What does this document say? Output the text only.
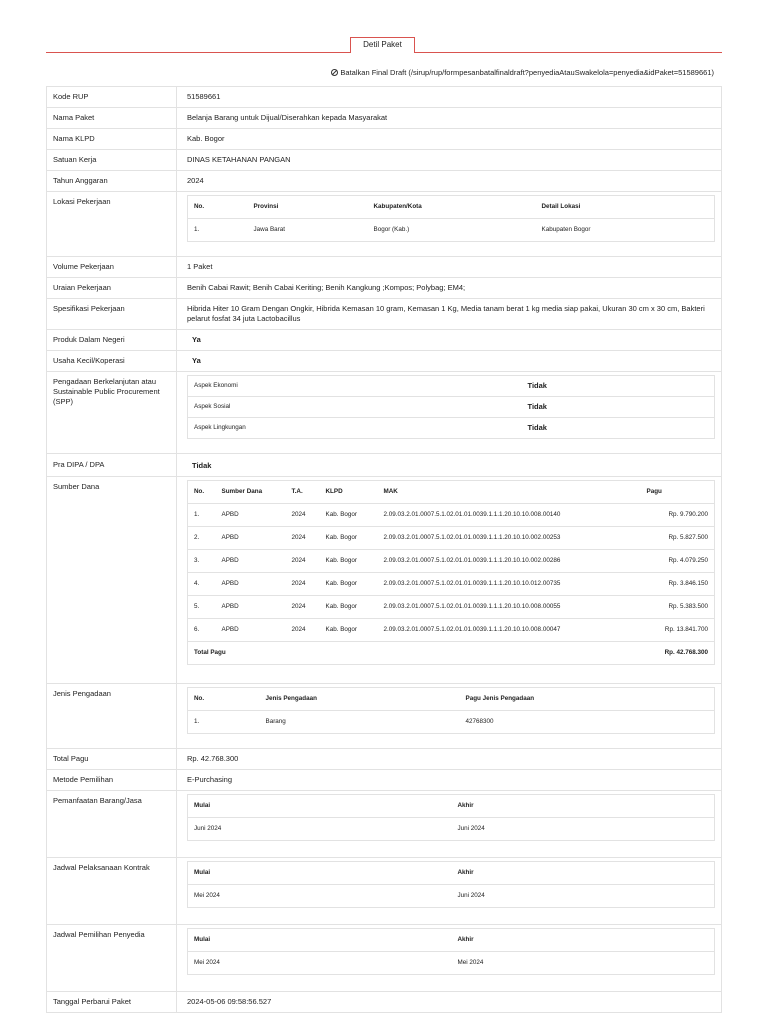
Detil Paket
Batalkan Final Draft (/sirup/rup/formpesanbatalfinaldraft?penyediaAtauSwakelola=penyedia&idPaket=51589661)
Kode RUP	51589661
Nama Paket	Belanja Barang untuk Dijual/Diserahkan kepada Masyarakat
Nama KLPD	Kab. Bogor
Satuan Kerja	DINAS KETAHANAN PANGAN
Tahun Anggaran	2024
Lokasi Pekerjaan
No.	Provinsi	Kabupaten/Kota	Detail Lokasi
1.	Jawa Barat	Bogor (Kab.)	Kabupaten Bogor
Volume Pekerjaan	1 Paket
Uraian Pekerjaan	Benih Cabai Rawit; Benih Cabai Keriting; Benih Kangkung ;Kompos; Polybag; EM4;
Spesifikasi Pekerjaan	Hibrida Hiter 10 Gram Dengan Ongkir, Hibrida Kemasan 10 gram, Kemasan 1 Kg, Media tanam berat 1 kg media siap pakai, Ukuran 30 cm x 30 cm, Bakteri pelarut fosfat 34 juta Lactobacillus
Produk Dalam Negeri	Ya
Usaha Kecil/Koperasi	Ya
Pengadaan Berkelanjutan atau Sustainable Public Procurement (SPP)
Aspek Ekonomi	Tidak
Aspek Sosial	Tidak
Aspek Lingkungan	Tidak
Pra DIPA / DPA	Tidak
Sumber Dana
No.	Sumber Dana	T.A.	KLPD	MAK	Pagu
1.	APBD	2024	Kab. Bogor	2.09.03.2.01.0007.5.1.02.01.01.0039.1.1.1.20.10.10.008.00140	Rp. 9.790.200
2.	APBD	2024	Kab. Bogor	2.09.03.2.01.0007.5.1.02.01.01.0039.1.1.1.20.10.10.002.00253	Rp. 5.827.500
3.	APBD	2024	Kab. Bogor	2.09.03.2.01.0007.5.1.02.01.01.0039.1.1.1.20.10.10.002.00286	Rp. 4.079.250
4.	APBD	2024	Kab. Bogor	2.09.03.2.01.0007.5.1.02.01.01.0039.1.1.1.20.10.10.012.00735	Rp. 3.846.150
5.	APBD	2024	Kab. Bogor	2.09.03.2.01.0007.5.1.02.01.01.0039.1.1.1.20.10.10.008.00055	Rp. 5.383.500
6.	APBD	2024	Kab. Bogor	2.09.03.2.01.0007.5.1.02.01.01.0039.1.1.1.20.10.10.008.00047	Rp. 13.841.700
Total Pagu					Rp. 42.768.300
Jenis Pengadaan
No.	Jenis Pengadaan	Pagu Jenis Pengadaan
1.	Barang	42768300
Total Pagu	Rp. 42.768.300
Metode Pemilihan	E-Purchasing
Pemanfaatan Barang/Jasa
Mulai	Akhir
Juni 2024	Juni 2024
Jadwal Pelaksanaan Kontrak
Mulai	Akhir
Mei 2024	Juni 2024
Jadwal Pemilihan Penyedia
Mulai	Akhir
Mei 2024	Mei 2024
Tanggal Perbarui Paket	2024-05-06 09:58:56.527
